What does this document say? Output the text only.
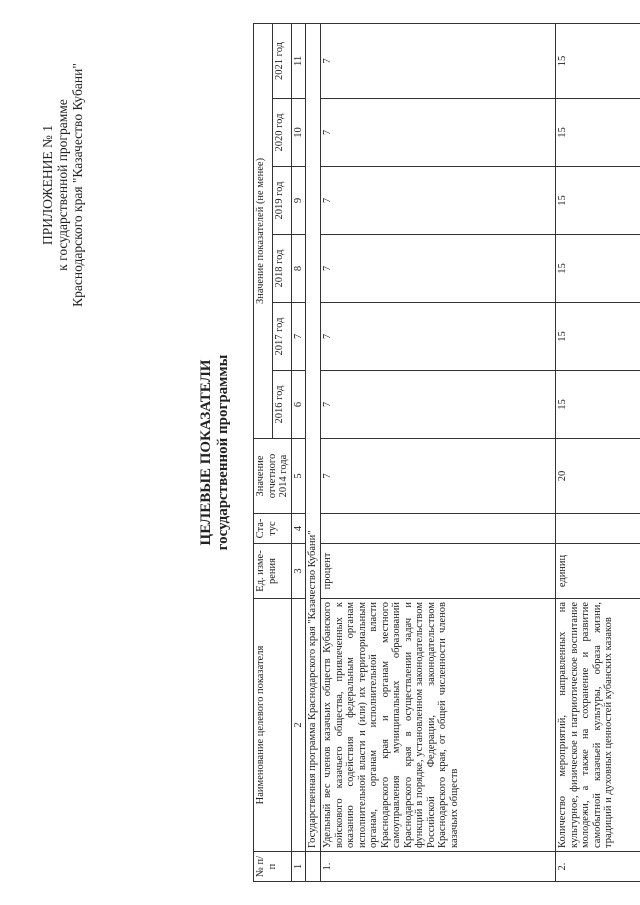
ПРИЛОЖЕНИЕ № 1 к государственной программе Краснодарского края "Казачество Кубани"
ЦЕЛЕВЫЕ ПОКАЗАТЕЛИ государственной программы
№ п/п	Наименование целевого показателя	Ед. изме-рения	Ста-тус	Значение отчетного 2014 года	Значение показателей (не менее)					
					2016 год	2017 год	2018 год	2019 год	2020 год	2021 год
1	2	3	4	5	6	7	8	9	10	11
	Государственная программа Краснодарского края "Казачество Кубани"									
1.	Удельный вес членов казачьих обществ Кубанского войскового казачьего общества, привлеченных к оказанию содействия федеральным органам исполнительной власти и (или) их территориальным органам, органам исполнительной власти Краснодарского края и органам местного самоуправления муниципальных образований Краснодарского края в осуществлении задач и функций в порядке, установленном законодательством Российской Федерации, законодательством Краснодарского края, от общей численности членов казачьих обществ	процент		7	7	7	7	7	7	7
2.	Количество мероприятий, направленных на культурное, физическое и патриотическое воспитание молодежи, а также на сохранение и развитие самобытной казачьей культуры, образа жизни, традиций и духовных ценностей кубанских казаков	единиц		20	15	15	15	15	15	15
